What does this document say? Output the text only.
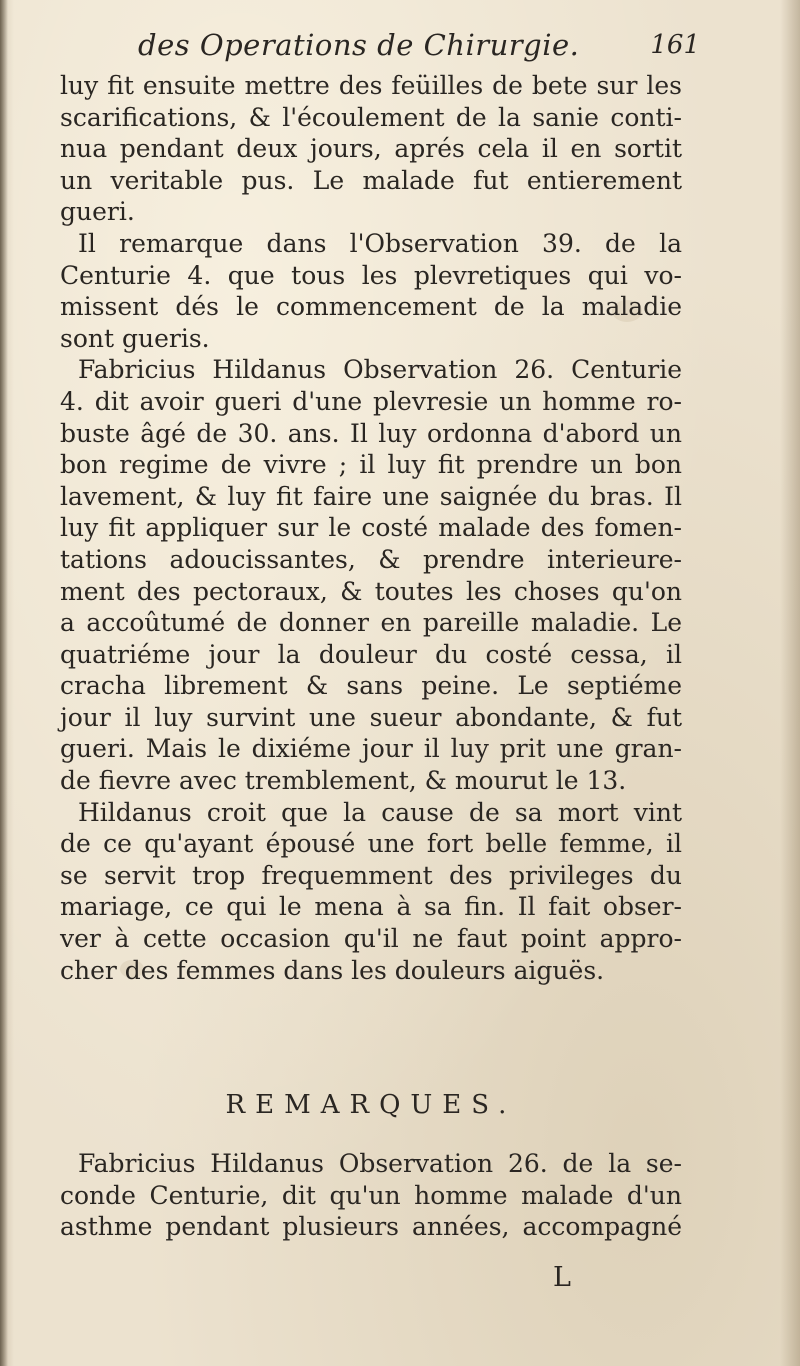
des Operations de Chirurgie.	161
luy fit ensuite mettre des feüilles de bete sur les
scarifications, & l'écoulement de la sanie conti-
nua pendant deux jours, aprés cela il en sortit
un veritable pus. Le malade fut entierement
gueri.
Il remarque dans l'Observation 39. de la
Centurie 4. que tous les plevretiques qui vo-
missent dés le commencement de la maladie
sont gueris.
Fabricius Hildanus Observation 26. Centurie
4. dit avoir gueri d'une plevresie un homme ro-
buste âgé de 30. ans. Il luy ordonna d'abord un
bon regime de vivre ; il luy fit prendre un bon
lavement, & luy fit faire une saignée du bras. Il
luy fit appliquer sur le costé malade des fomen-
tations adoucissantes, & prendre interieure-
ment des pectoraux, & toutes les choses qu'on
a accoûtumé de donner en pareille maladie. Le
quatriéme jour la douleur du costé cessa, il
cracha librement & sans peine. Le septiéme
jour il luy survint une sueur abondante, & fut
gueri. Mais le dixiéme jour il luy prit une gran-
de fievre avec tremblement, & mourut le 13.
Hildanus croit que la cause de sa mort vint
de ce qu'ayant épousé une fort belle femme, il
se servit trop frequemment des privileges du
mariage, ce qui le mena à sa fin. Il fait obser-
ver à cette occasion qu'il ne faut point appro-
cher des femmes dans les douleurs aiguës.
REMARQUES.
Fabricius Hildanus Observation 26. de la se-
conde Centurie, dit qu'un homme malade d'un
asthme pendant plusieurs années, accompagné
L
